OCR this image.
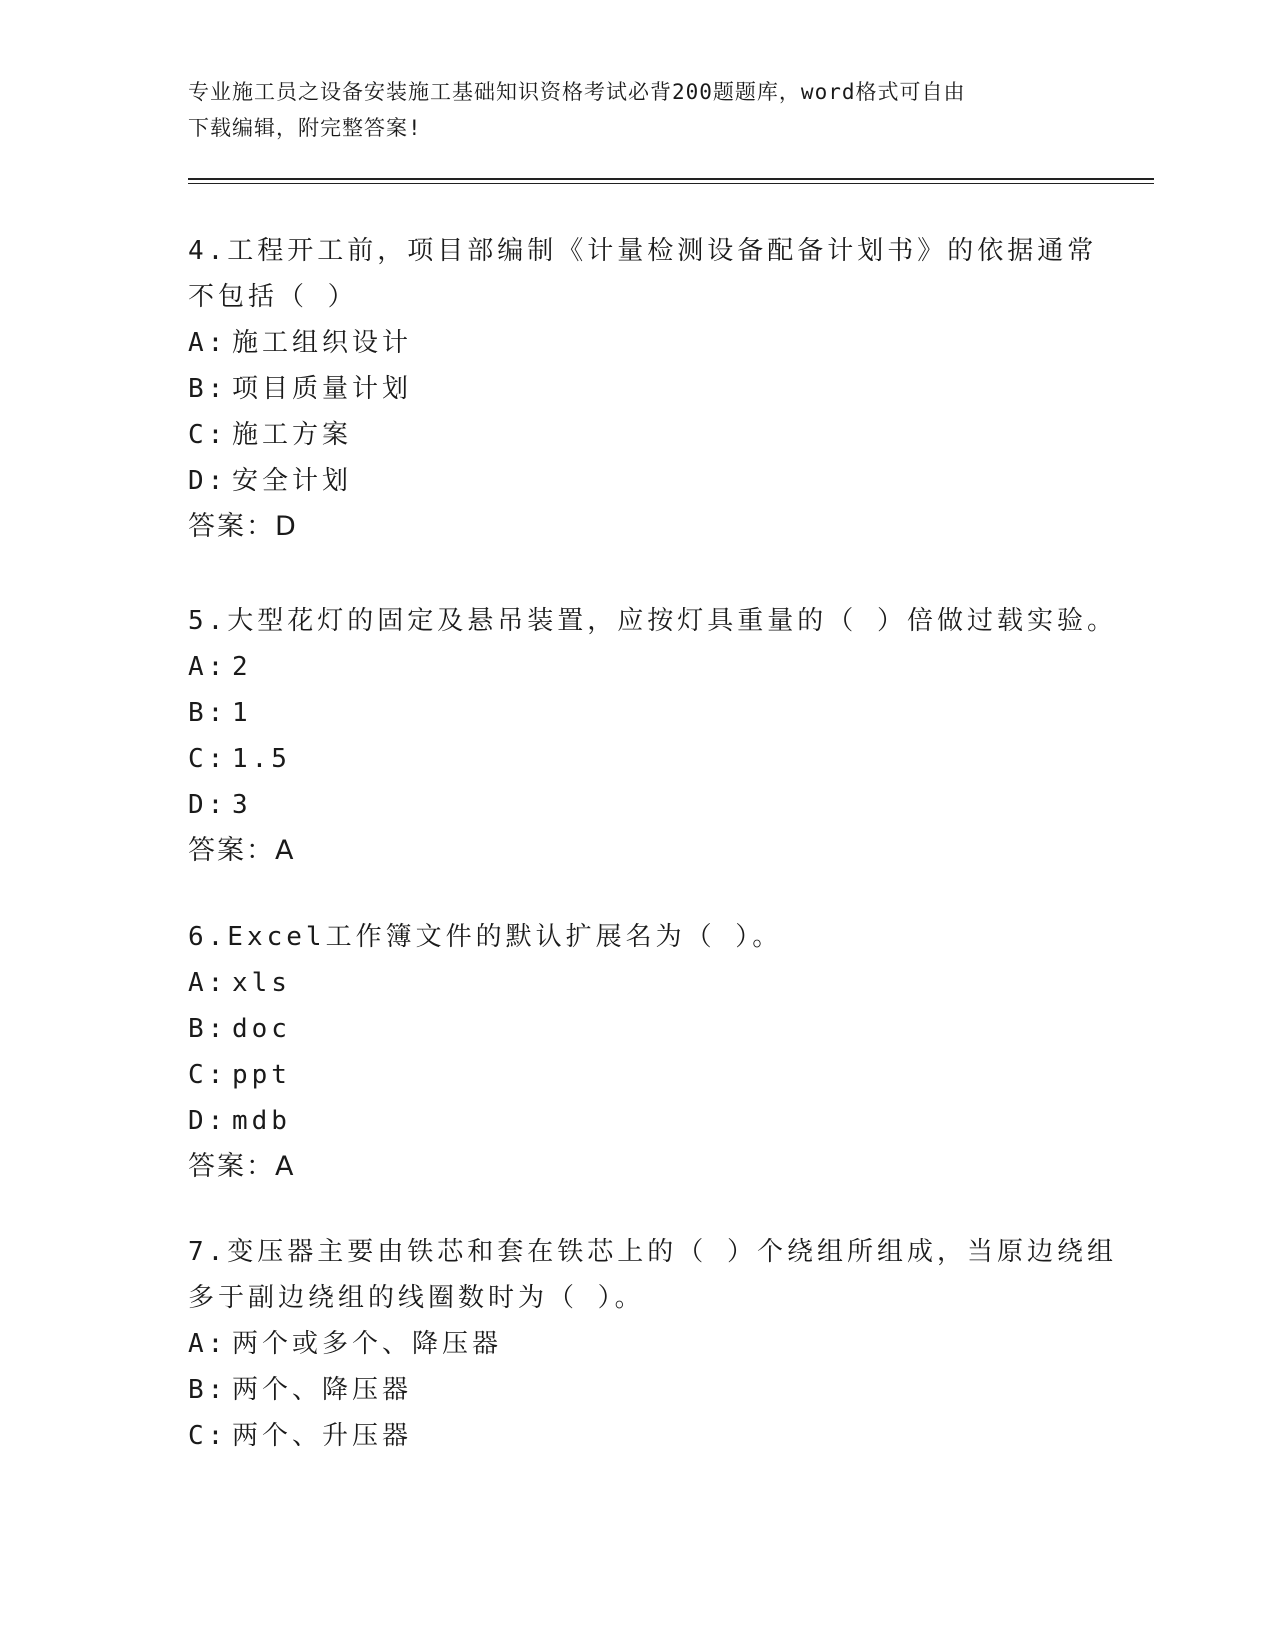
专业施工员之设备安装施工基础知识资格考试必背200题题库，word格式可自由
下载编辑，附完整答案!
4.工程开工前，项目部编制《计量检测设备配备计划书》的依据通常
不包括（ ）
A: 施工组织设计
B: 项目质量计划
C: 施工方案
D: 安全计划
答案：D
5.大型花灯的固定及悬吊装置，应按灯具重量的（ ）倍做过载实验。
A: 2
B: 1
C: 1.5
D: 3
答案：A
6.Excel工作簿文件的默认扩展名为（ ）。
A: xls
B: doc
C: ppt
D: mdb
答案：A
7.变压器主要由铁芯和套在铁芯上的（ ）个绕组所组成，当原边绕组
多于副边绕组的线圈数时为（ ）。
A: 两个或多个、降压器
B: 两个、降压器
C: 两个、升压器
